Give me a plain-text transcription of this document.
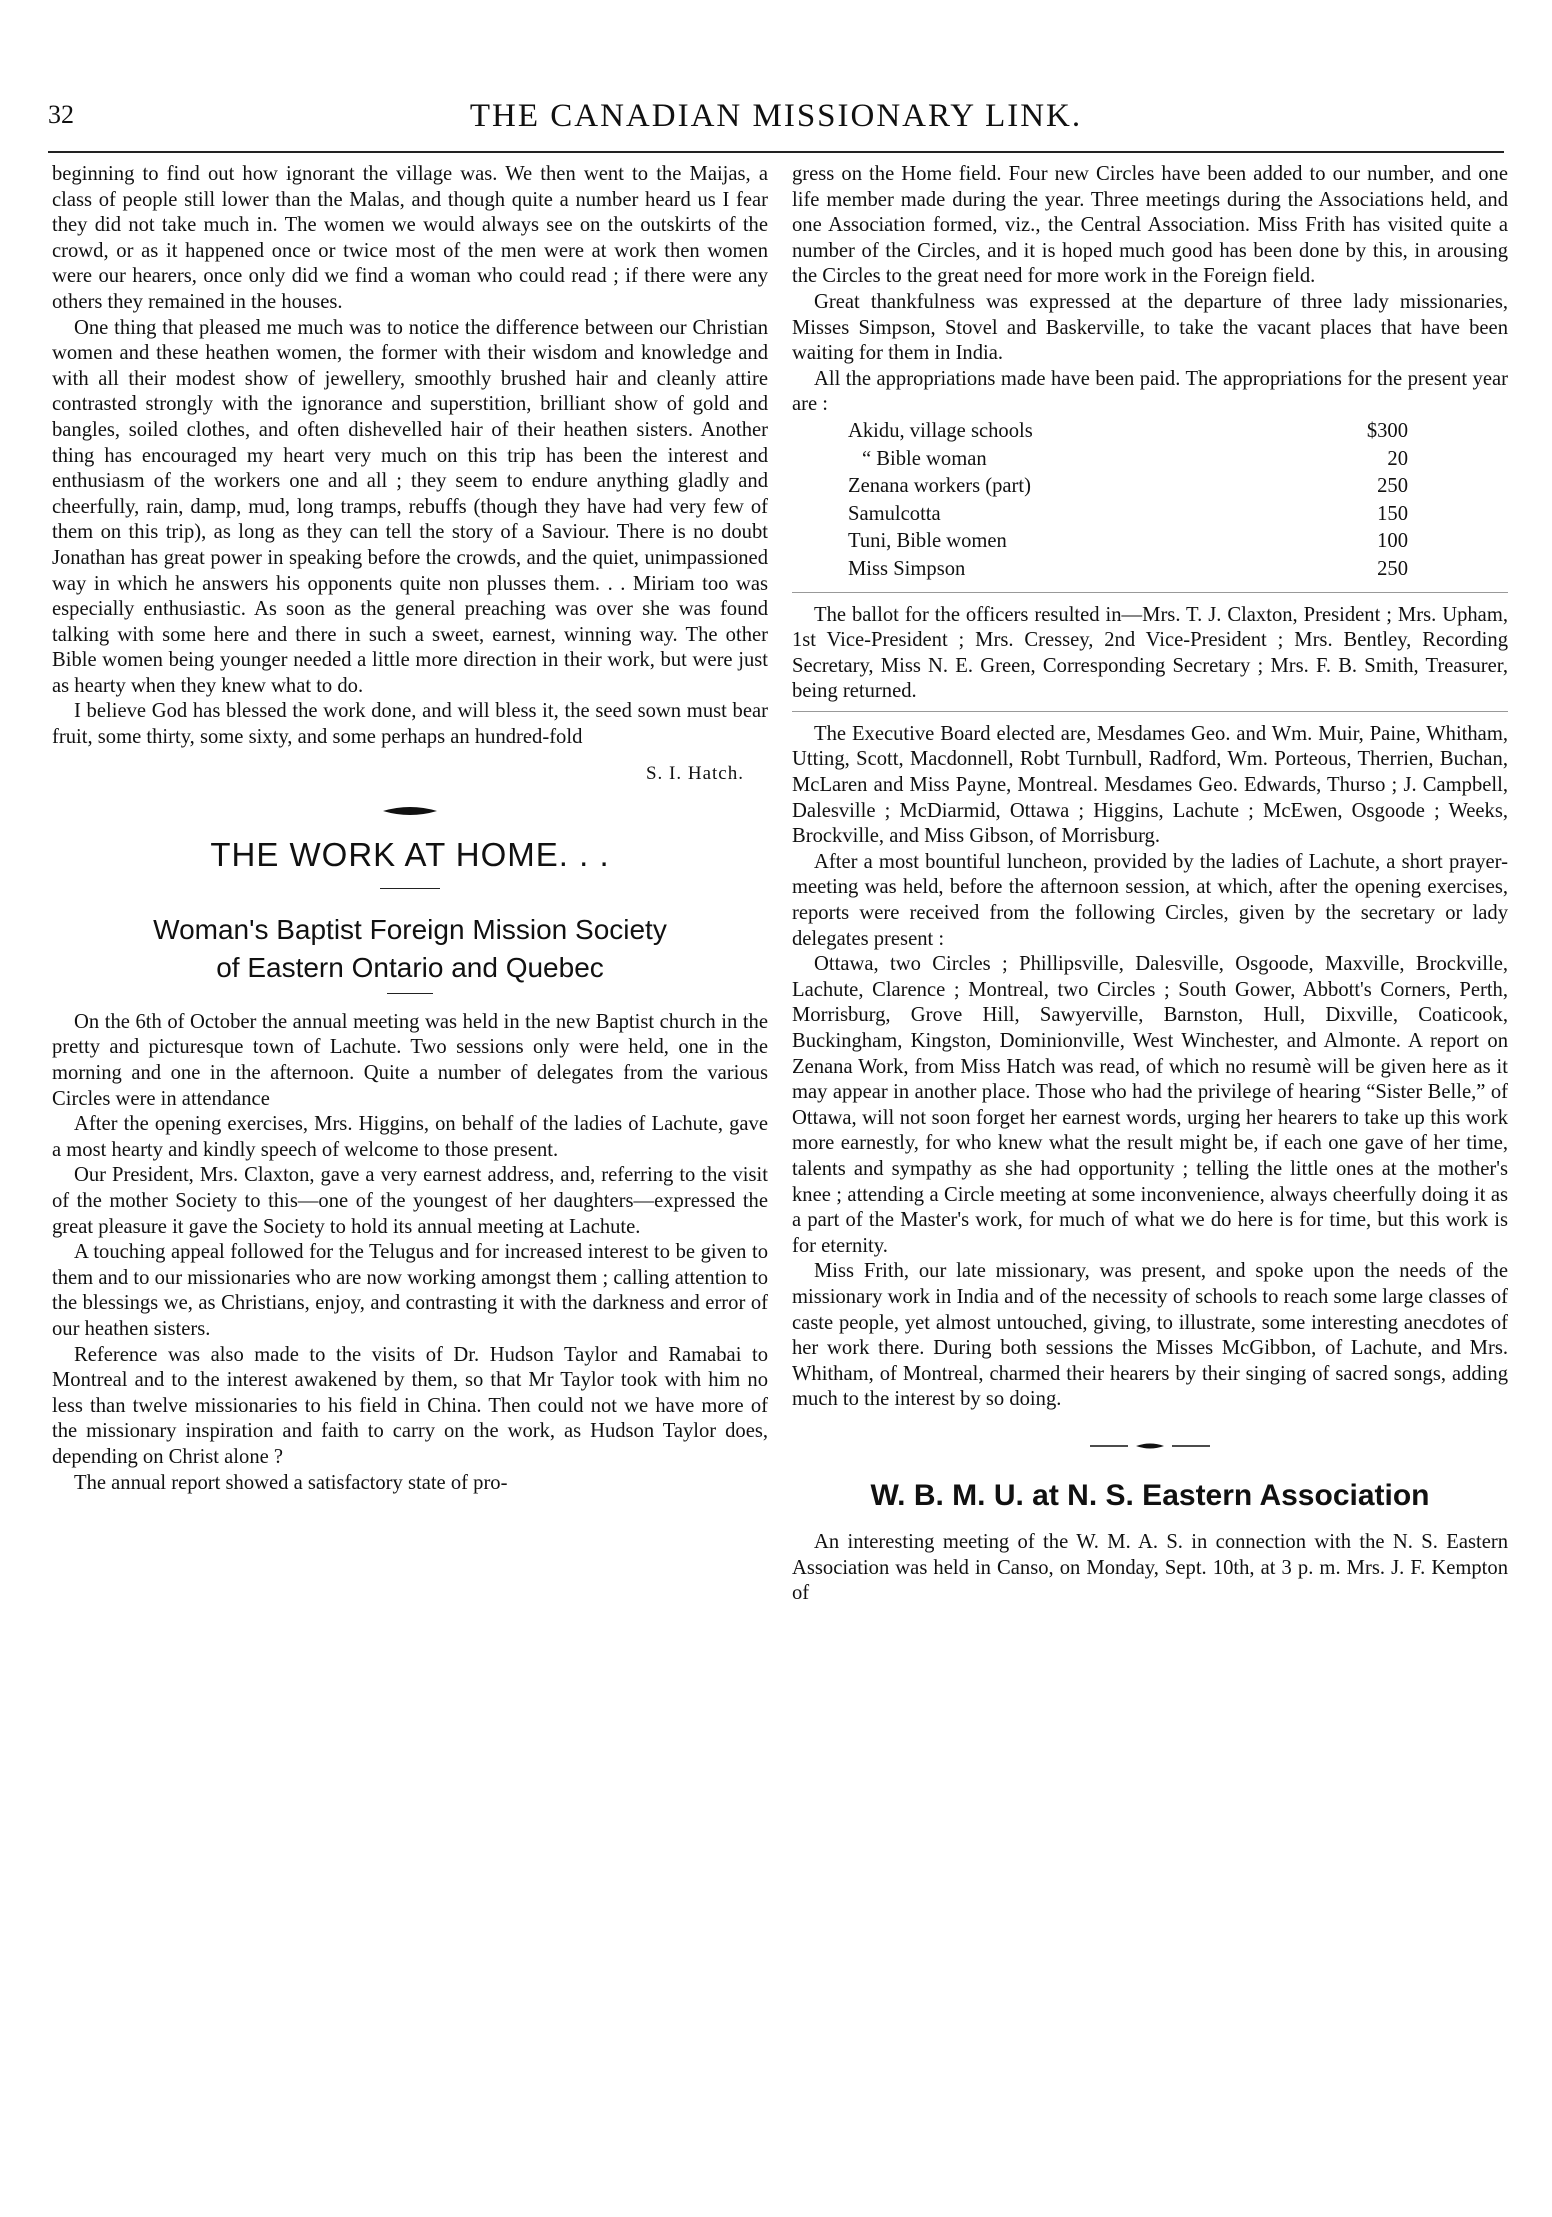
32	THE CANADIAN MISSIONARY LINK.

beginning to find out how ignorant the village was. We then went to the Maijas, a class of people still lower than the Malas, and though quite a number heard us I fear they did not take much in. The women we would always see on the outskirts of the crowd, or as it happened once or twice most of the men were at work then women were our hearers, once only did we find a woman who could read ; if there were any others they remained in the houses.

One thing that pleased me much was to notice the difference between our Christian women and these heathen women, the former with their wisdom and knowledge and with all their modest show of jewellery, smoothly brushed hair and cleanly attire contrasted strongly with the ignorance and superstition, brilliant show of gold and bangles, soiled clothes, and often dishevelled hair of their heathen sisters. Another thing has encouraged my heart very much on this trip has been the interest and enthusiasm of the workers one and all ; they seem to endure anything gladly and cheerfully, rain, damp, mud, long tramps, rebuffs (though they have had very few of them on this trip), as long as they can tell the story of a Saviour. There is no doubt Jonathan has great power in speaking before the crowds, and the quiet, unimpassioned way in which he answers his opponents quite non plusses them. . . Miriam too was especially enthusiastic. As soon as the general preaching was over she was found talking with some here and there in such a sweet, earnest, winning way. The other Bible women being younger needed a little more direction in their work, but were just as hearty when they knew what to do.

I believe God has blessed the work done, and will bless it, the seed sown must bear fruit, some thirty, some sixty, and some perhaps an hundred-fold

S. I. Hatch.
THE WORK AT HOME. . .
Woman's Baptist Foreign Mission Society
of Eastern Ontario and Quebec

On the 6th of October the annual meeting was held in the new Baptist church in the pretty and picturesque town of Lachute. Two sessions only were held, one in the morning and one in the afternoon. Quite a number of delegates from the various Circles were in attendance

After the opening exercises, Mrs. Higgins, on behalf of the ladies of Lachute, gave a most hearty and kindly speech of welcome to those present.

Our President, Mrs. Claxton, gave a very earnest address, and, referring to the visit of the mother Society to this—one of the youngest of her daughters—expressed the great pleasure it gave the Society to hold its annual meeting at Lachute.

A touching appeal followed for the Telugus and for increased interest to be given to them and to our missionaries who are now working amongst them ; calling attention to the blessings we, as Christians, enjoy, and contrasting it with the darkness and error of our heathen sisters.

Reference was also made to the visits of Dr. Hudson Taylor and Ramabai to Montreal and to the interest awakened by them, so that Mr Taylor took with him no less than twelve missionaries to his field in China. Then could not we have more of the missionary inspiration and faith to carry on the work, as Hudson Taylor does, depending on Christ alone ?

The annual report showed a satisfactory state of pro-

gress on the Home field. Four new Circles have been added to our number, and one life member made during the year. Three meetings during the Associations held, and one Association formed, viz., the Central Association. Miss Frith has visited quite a number of the Circles, and it is hoped much good has been done by this, in arousing the Circles to the great need for more work in the Foreign field.

Great thankfulness was expressed at the departure of three lady missionaries, Misses Simpson, Stovel and Baskerville, to take the vacant places that have been waiting for them in India.

All the appropriations made have been paid. The appropriations for the present year are :

Akidu, village schools		$300
“ Bible woman		20
Zenana workers (part)		250
Samulcotta		150
Tuni, Bible women		100
Miss Simpson		250

The ballot for the officers resulted in—Mrs. T. J. Claxton, President ; Mrs. Upham, 1st Vice-President ; Mrs. Cressey, 2nd Vice-President ; Mrs. Bentley, Recording Secretary, Miss N. E. Green, Corresponding Secretary ; Mrs. F. B. Smith, Treasurer, being returned.

The Executive Board elected are, Mesdames Geo. and Wm. Muir, Paine, Whitham, Utting, Scott, Macdonnell, Robt Turnbull, Radford, Wm. Porteous, Therrien, Buchan, McLaren and Miss Payne, Montreal. Mesdames Geo. Edwards, Thurso ; J. Campbell, Dalesville ; McDiarmid, Ottawa ; Higgins, Lachute ; McEwen, Osgoode ; Weeks, Brockville, and Miss Gibson, of Morrisburg.

After a most bountiful luncheon, provided by the ladies of Lachute, a short prayer-meeting was held, before the afternoon session, at which, after the opening exercises, reports were received from the following Circles, given by the secretary or lady delegates present :

Ottawa, two Circles ; Phillipsville, Dalesville, Osgoode, Maxville, Brockville, Lachute, Clarence ; Montreal, two Circles ; South Gower, Abbott's Corners, Perth, Morrisburg, Grove Hill, Sawyerville, Barnston, Hull, Dixville, Coaticook, Buckingham, Kingston, Dominionville, West Winchester, and Almonte. A report on Zenana Work, from Miss Hatch was read, of which no resumè will be given here as it may appear in another place. Those who had the privilege of hearing “Sister Belle,” of Ottawa, will not soon forget her earnest words, urging her hearers to take up this work more earnestly, for who knew what the result might be, if each one gave of her time, talents and sympathy as she had opportunity ; telling the little ones at the mother's knee ; attending a Circle meeting at some inconvenience, always cheerfully doing it as a part of the Master's work, for much of what we do here is for time, but this work is for eternity.

Miss Frith, our late missionary, was present, and spoke upon the needs of the missionary work in India and of the necessity of schools to reach some large classes of caste people, yet almost untouched, giving, to illustrate, some interesting anecdotes of her work there. During both sessions the Misses McGibbon, of Lachute, and Mrs. Whitham, of Montreal, charmed their hearers by their singing of sacred songs, adding much to the interest by so doing.

W. B. M. U. at N. S. Eastern Association

An interesting meeting of the W. M. A. S. in connection with the N. S. Eastern Association was held in Canso, on Monday, Sept. 10th, at 3 p. m. Mrs. J. F. Kempton of
